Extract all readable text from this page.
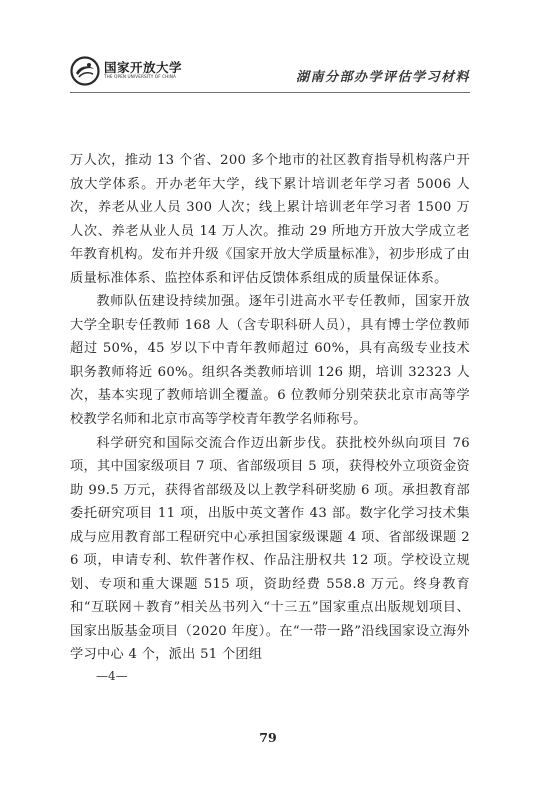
国家开放大学
THE OPEN UNIVERSITY OF CHINA	湖南分部办学评估学习材料

万人次，推动 13 个省、200 多个地市的社区教育指导机构落户开放大学体系。开办老年大学，线下累计培训老年学习者 5006 人次，养老从业人员 300 人次；线上累计培训老年学习者 1500 万人次、养老从业人员 14 万人次。推动 29 所地方开放大学成立老年教育机构。发布并升级《国家开放大学质量标准》，初步形成了由质量标准体系、监控体系和评估反馈体系组成的质量保证体系。

教师队伍建设持续加强。逐年引进高水平专任教师，国家开放大学全职专任教师 168 人（含专职科研人员），具有博士学位教师超过 50%，45 岁以下中青年教师超过 60%，具有高级专业技术职务教师将近 60%。组织各类教师培训 126 期，培训 32323 人次，基本实现了教师培训全覆盖。6 位教师分别荣获北京市高等学校教学名师和北京市高等学校青年教学名师称号。

科学研究和国际交流合作迈出新步伐。获批校外纵向项目 76 项，其中国家级项目 7 项、省部级项目 5 项，获得校外立项资金资助 99.5 万元，获得省部级及以上教学科研奖励 6 项。承担教育部委托研究项目 11 项，出版中英文著作 43 部。数字化学习技术集成与应用教育部工程研究中心承担国家级课题 4 项、省部级课题 26 项，申请专利、软件著作权、作品注册权共 12 项。学校设立规划、专项和重大课题 515 项，资助经费 558.8 万元。终身教育和“互联网＋教育”相关丛书列入“十三五”国家重点出版规划项目、国家出版基金项目（2020 年度）。在“一带一路”沿线国家设立海外学习中心 4 个，派出 51 个团组

—4—
79
